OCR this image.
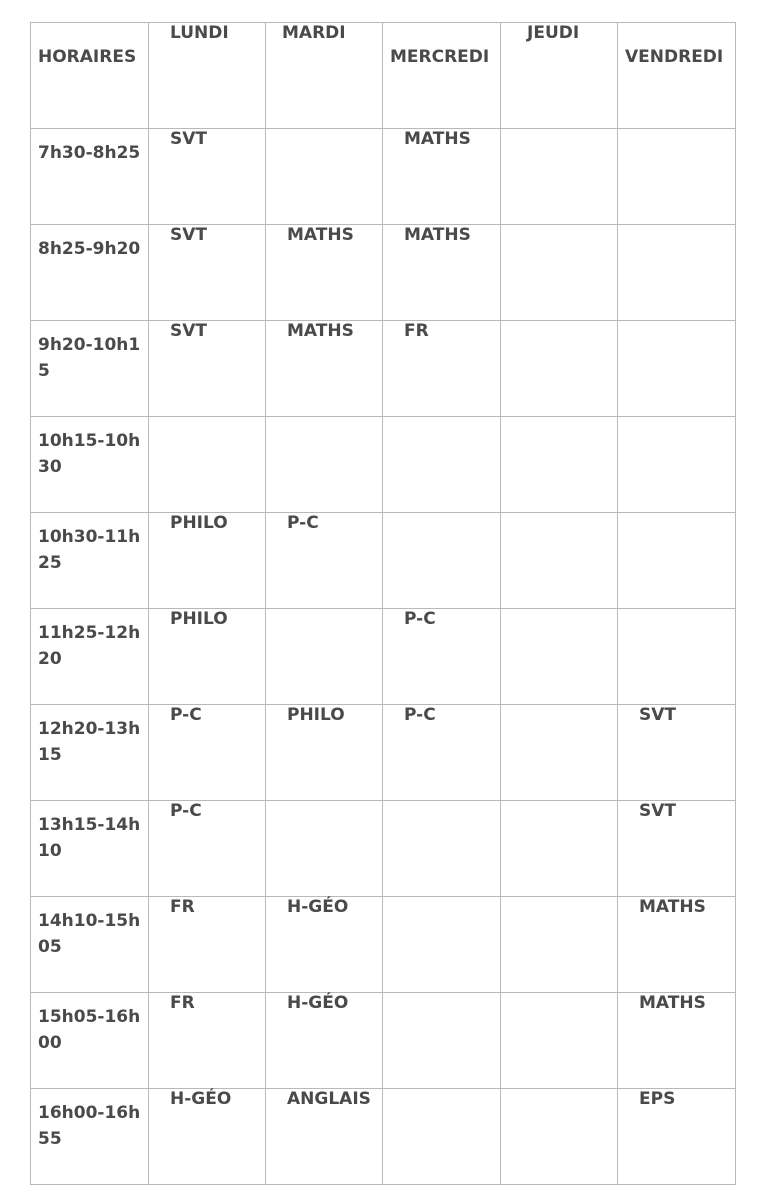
HORAIRES	LUNDI	MARDI	MERCREDI	JEUDI	VENDREDI

7h30-8h25	SVT		MATHS		

8h25-9h20	SVT	MATHS	MATHS		

9h20-10h15	SVT	MATHS	FR		

10h15-10h30					

10h30-11h25	PHILO	P-C			

11h25-12h20	PHILO		P-C		

12h20-13h15	P-C	PHILO	P-C		SVT

13h15-14h10	P-C				SVT

14h10-15h05	FR	H-GÉO			MATHS

15h05-16h00	FR	H-GÉO			MATHS

16h00-16h55	H-GÉO	ANGLAIS			EPS
